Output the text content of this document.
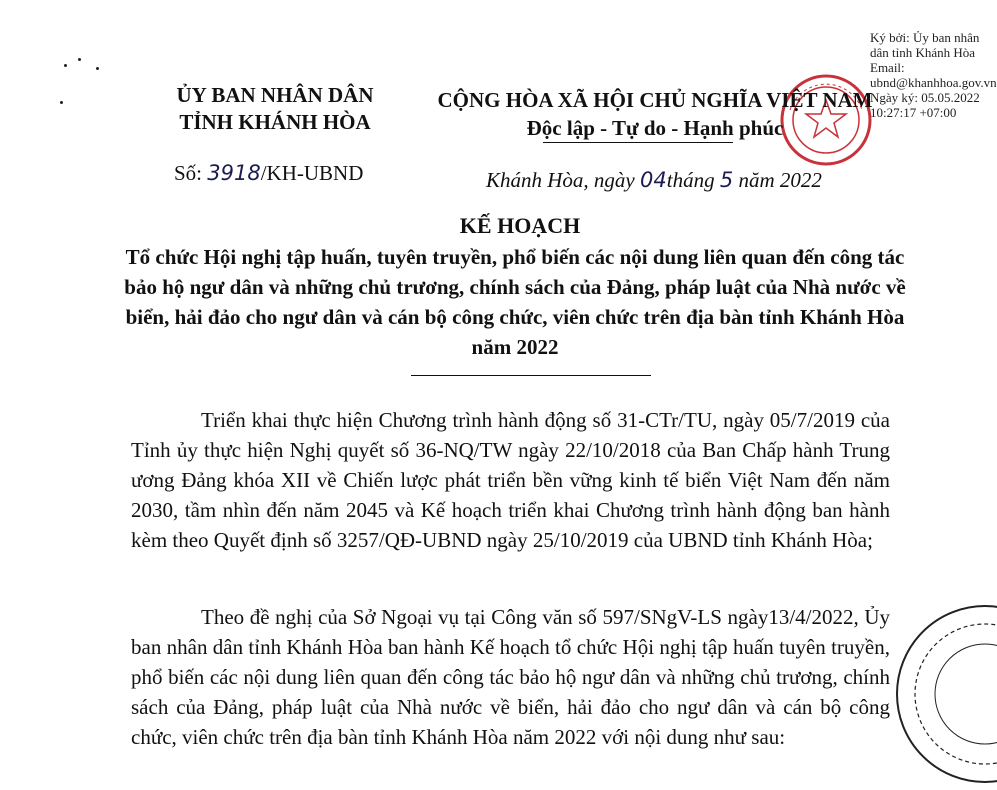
ỦY BAN NHÂN DÂN
TỈNH KHÁNH HÒA
CỘNG HÒA XÃ HỘI CHỦ NGHĨA VIỆT NAM
Độc lập - Tự do - Hạnh phúc
Số: 3918/KH-UBND	Khánh Hòa, ngày 04tháng 5 năm 2022
Ký bởi: Ủy ban nhân dân tỉnh Khánh Hòa Email: ubnd@khanhhoa.gov.vn Ngày ký: 05.05.2022 10:27:17 +07:00
KẾ HOẠCH
Tổ chức Hội nghị tập huấn, tuyên truyền, phổ biến các nội dung liên quan đến công tác bảo hộ ngư dân và những chủ trương, chính sách của Đảng, pháp luật của Nhà nước về biển, hải đảo cho ngư dân và cán bộ công chức, viên chức trên địa bàn tỉnh Khánh Hòa năm 2022
Triển khai thực hiện Chương trình hành động số 31-CTr/TU, ngày 05/7/2019 của Tỉnh ủy thực hiện Nghị quyết số 36-NQ/TW ngày 22/10/2018 của Ban Chấp hành Trung ương Đảng khóa XII về Chiến lược phát triển bền vững kinh tế biển Việt Nam đến năm 2030, tầm nhìn đến năm 2045 và Kế hoạch triển khai Chương trình hành động ban hành kèm theo Quyết định số 3257/QĐ-UBND ngày 25/10/2019 của UBND tỉnh Khánh Hòa;
Theo đề nghị của Sở Ngoại vụ tại Công văn số 597/SNgV-LS ngày13/4/2022, Ủy ban nhân dân tỉnh Khánh Hòa ban hành Kế hoạch tổ chức Hội nghị tập huấn tuyên truyền, phổ biến các nội dung liên quan đến công tác bảo hộ ngư dân và những chủ trương, chính sách của Đảng, pháp luật của Nhà nước về biển, hải đảo cho ngư dân và cán bộ công chức, viên chức trên địa bàn tỉnh Khánh Hòa năm 2022 với nội dung như sau:
